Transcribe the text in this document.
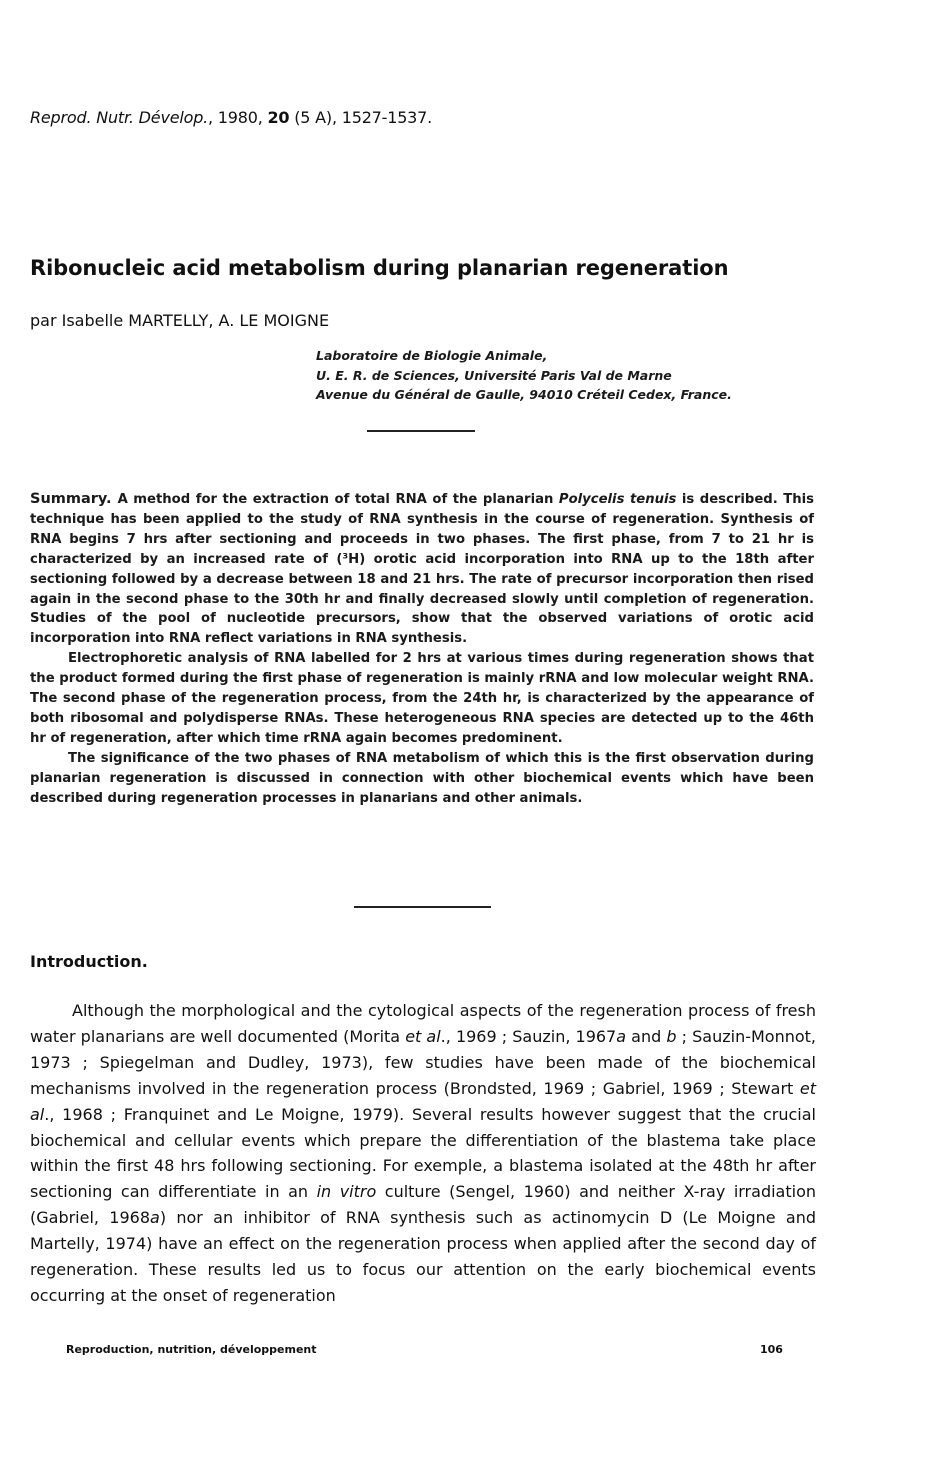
Reprod. Nutr. Dévelop., 1980, 20 (5 A), 1527-1537.
Ribonucleic acid metabolism during planarian regeneration
par Isabelle MARTELLY, A. LE MOIGNE
Laboratoire de Biologie Animale,
U. E. R. de Sciences, Université Paris Val de Marne
Avenue du Général de Gaulle, 94010 Créteil Cedex, France.

Summary. A method for the extraction of total RNA of the planarian Polycelis tenuis is described. This technique has been applied to the study of RNA synthesis in the course of regeneration. Synthesis of RNA begins 7 hrs after sectioning and proceeds in two phases. The first phase, from 7 to 21 hr is characterized by an increased rate of (³H) orotic acid incorporation into RNA up to the 18th after sectioning followed by a decrease between 18 and 21 hrs. The rate of precursor incorporation then rised again in the second phase to the 30th hr and finally decreased slowly until completion of regeneration. Studies of the pool of nucleotide precursors, show that the observed variations of orotic acid incorporation into RNA reflect variations in RNA synthesis.

Electrophoretic analysis of RNA labelled for 2 hrs at various times during regeneration shows that the product formed during the first phase of regeneration is mainly rRNA and low molecular weight RNA. The second phase of the regeneration process, from the 24th hr, is characterized by the appearance of both ribosomal and polydisperse RNAs. These heterogeneous RNA species are detected up to the 46th hr of regeneration, after which time rRNA again becomes predominent.

The significance of the two phases of RNA metabolism of which this is the first observation during planarian regeneration is discussed in connection with other biochemical events which have been described during regeneration processes in planarians and other animals.

Introduction.
Although the morphological and the cytological aspects of the regeneration process of fresh water planarians are well documented (Morita et al., 1969 ; Sauzin, 1967a and b ; Sauzin-Monnot, 1973 ; Spiegelman and Dudley, 1973), few studies have been made of the biochemical mechanisms involved in the regeneration process (Brondsted, 1969 ; Gabriel, 1969 ; Stewart et al., 1968 ; Franquinet and Le Moigne, 1979). Several results however suggest that the crucial biochemical and cellular events which prepare the differentiation of the blastema take place within the first 48 hrs following sectioning. For exemple, a blastema isolated at the 48th hr after sectioning can differentiate in an in vitro culture (Sengel, 1960) and neither X-ray irradiation (Gabriel, 1968a) nor an inhibitor of RNA synthesis such as actinomycin D (Le Moigne and Martelly, 1974) have an effect on the regeneration process when applied after the second day of regeneration. These results led us to focus our attention on the early biochemical events occurring at the onset of regeneration
Reproduction, nutrition, développement	106
